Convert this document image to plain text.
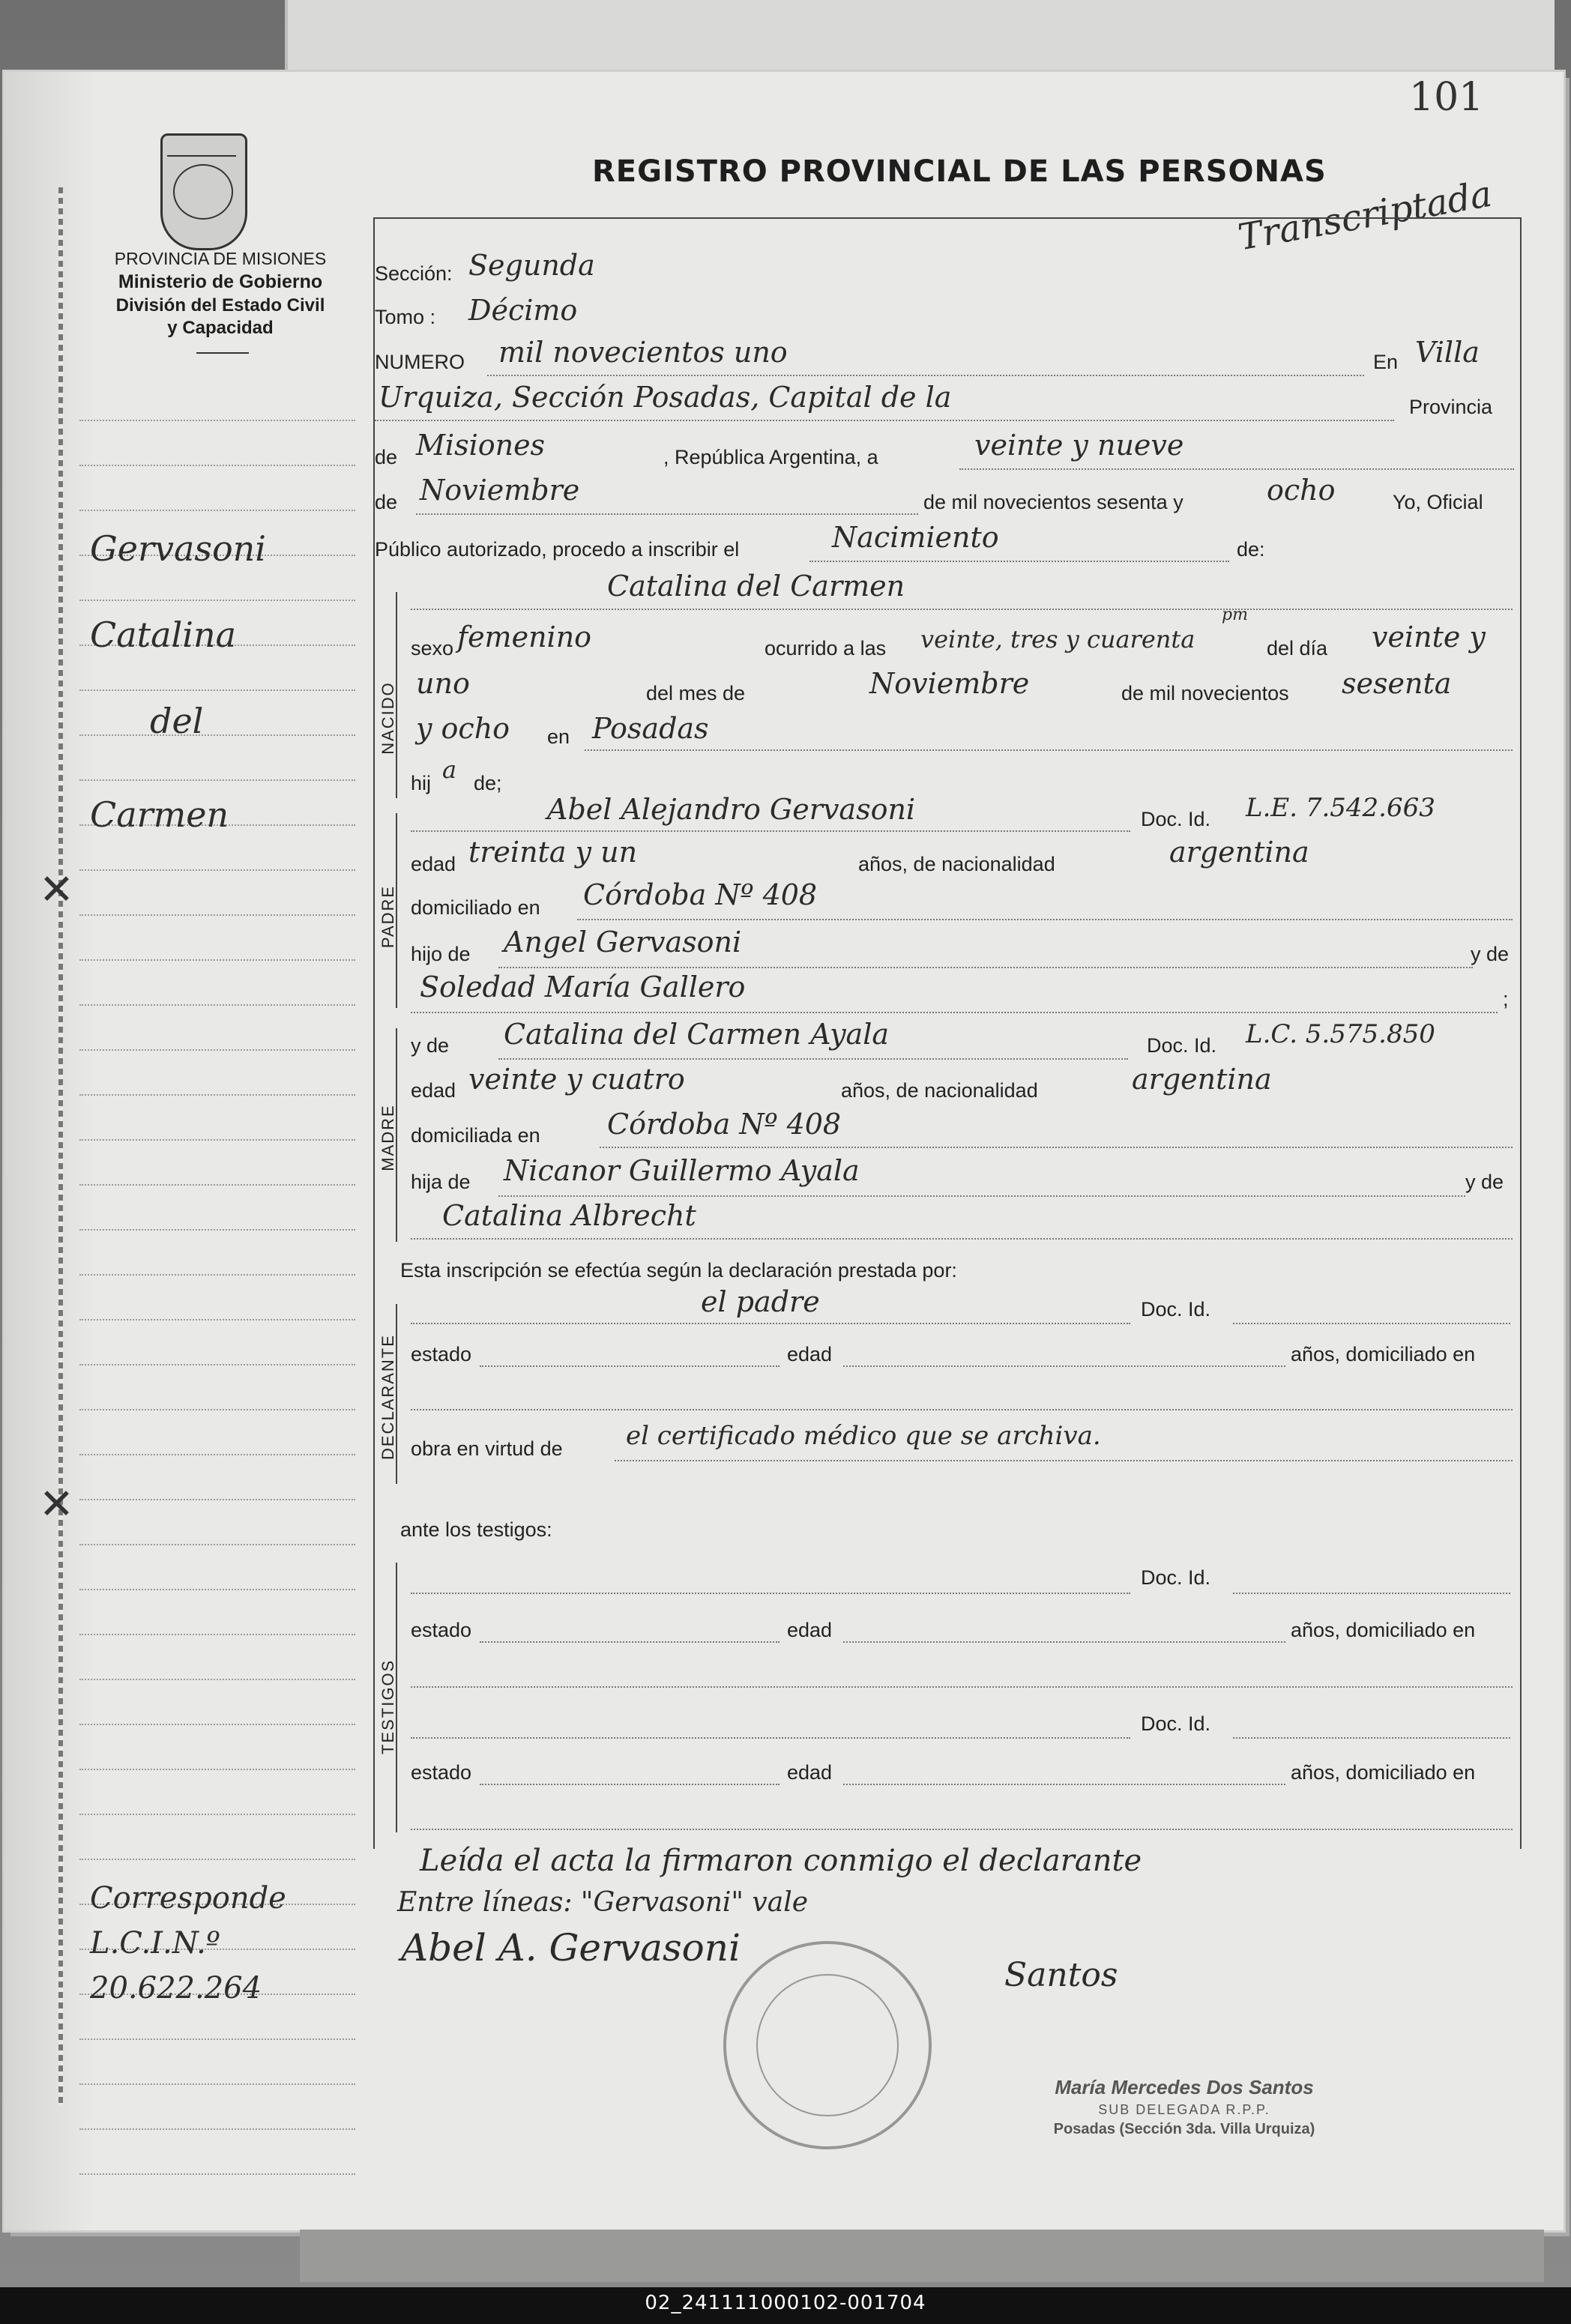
✕
✕
101
PROVINCIA DE MISIONES
Ministerio de Gobierno
División del Estado Civil
y Capacidad
REGISTRO PROVINCIAL DE LAS PERSONAS
Transcriptada
Gervasoni
Catalina
del
Carmen
Corresponde
L.C.I.N.º
20.622.264
Sección: Segunda
Tomo : Décimo
NUMERO mil novecientos uno	En Villa
Urquiza, Sección Posadas, Capital de la	Provincia
de Misiones	, República Argentina, a	veinte y nueve
de Noviembre	de mil novecientos sesenta y	ocho	Yo, Oficial
Público autorizado, procedo a inscribir el	Nacimiento	de:
NACIDO
Catalina del Carmen
sexo femenino	ocurrido a las veinte, tres y cuarenta
pm
del día veinte y
uno	del mes de	Noviembre	de mil novecientos sesenta
y ocho en Posadas
hij a de;
PADRE
Abel Alejandro Gervasoni	Doc. Id. L.E. 7.542.663
edad treinta y un	años, de nacionalidad	argentina
domiciliado en Córdoba Nº 408
hijo de Angel Gervasoni	y de
Soledad María Gallero	;
MADRE
y de Catalina del Carmen Ayala	Doc. Id. L.C. 5.575.850
edad veinte y cuatro	años, de nacionalidad	argentina
domiciliada en Córdoba Nº 408
hija de Nicanor Guillermo Ayala	y de
Catalina Albrecht
Esta inscripción se efectúa según la declaración prestada por:
DECLARANTE
el padre	Doc. Id.
estado	edad	años, domiciliado en
obra en virtud de el certificado médico que se archiva.
ante los testigos:
TESTIGOS
Doc. Id.
estado	edad	años, domiciliado en
Doc. Id.
estado	edad	años, domiciliado en
Leída el acta la firmaron conmigo el declarante
Entre líneas: "Gervasoni" vale
Abel A. Gervasoni
Santos
María Mercedes Dos Santos
SUB DELEGADA R.P.P.
Posadas (Sección 3da. Villa Urquiza)
02_241111000102-001704
